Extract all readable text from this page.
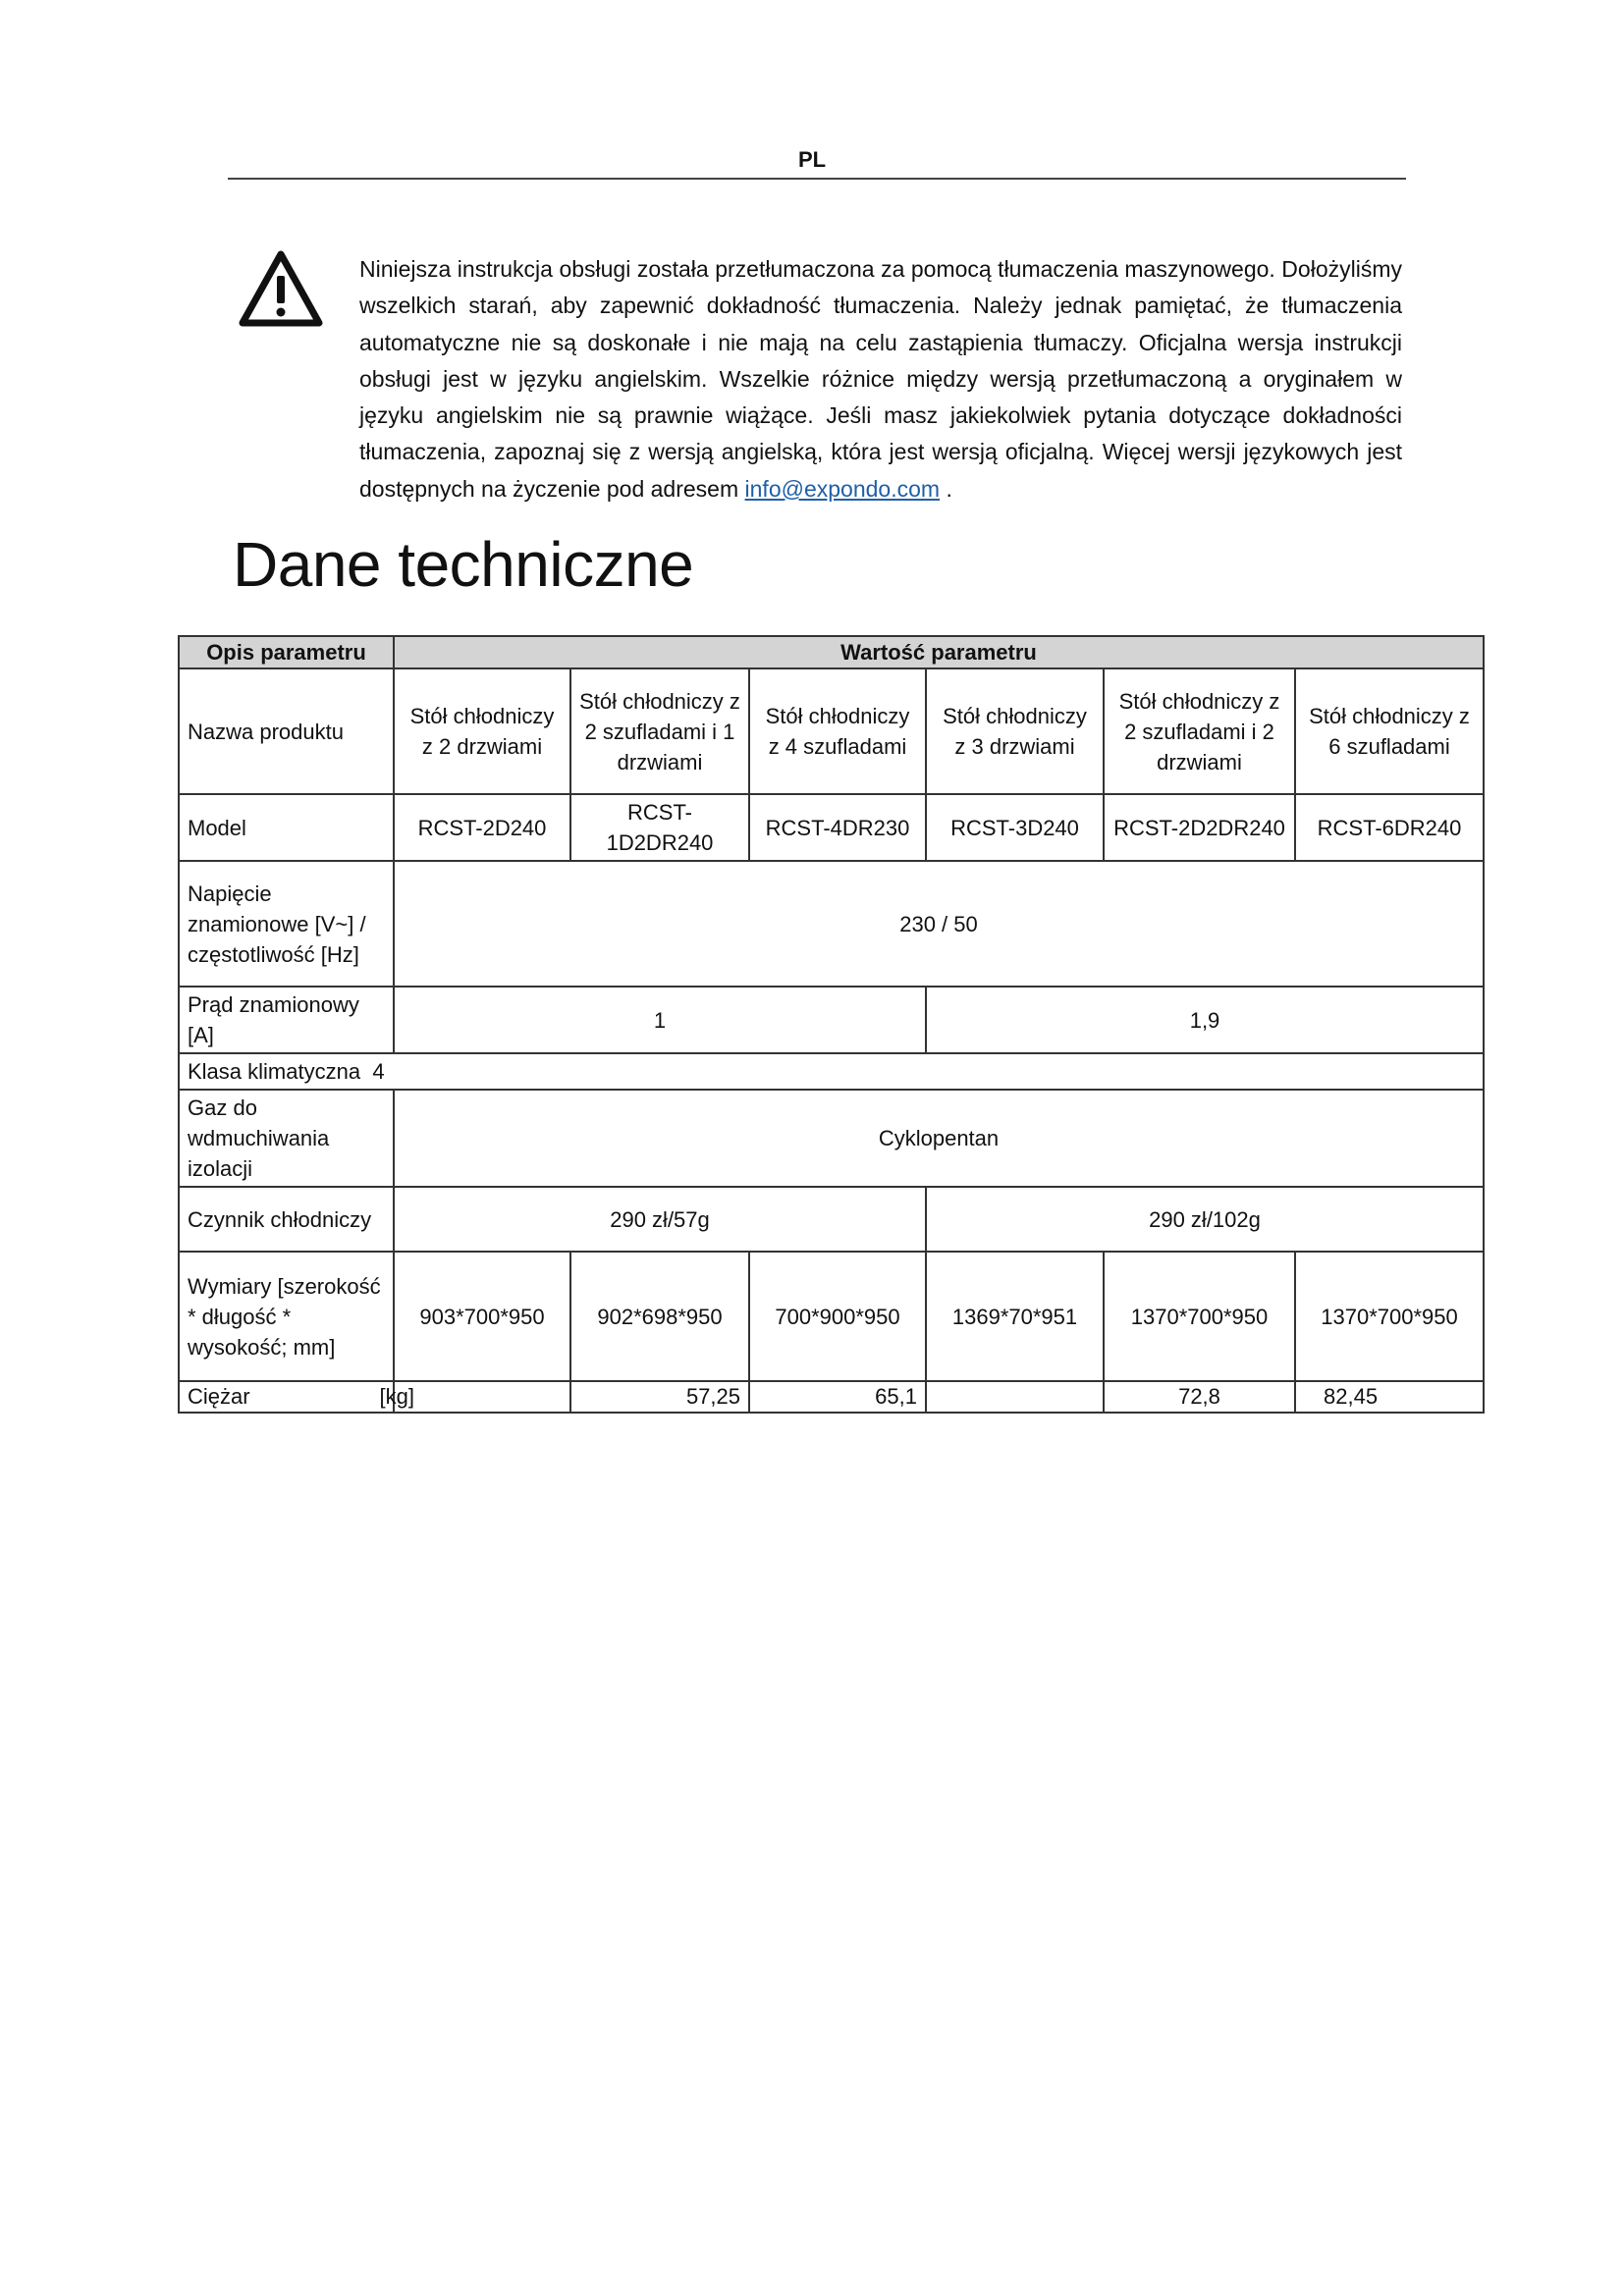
PL
Niniejsza instrukcja obsługi została przetłumaczona za pomocą tłumaczenia maszynowego. Dołożyliśmy wszelkich starań, aby zapewnić dokładność tłumaczenia. Należy jednak pamiętać, że tłumaczenia automatyczne nie są doskonałe i nie mają na celu zastąpienia tłumaczy. Oficjalna wersja instrukcji obsługi jest w języku angielskim. Wszelkie różnice między wersją przetłumaczoną a oryginałem w języku angielskim nie są prawnie wiążące. Jeśli masz jakiekolwiek pytania dotyczące dokładności tłumaczenia, zapoznaj się z wersją angielską, która jest wersją oficjalną. Więcej wersji językowych jest dostępnych na życzenie pod adresem info@expondo.com .
Dane techniczne
Opis parametru	Wartość parametru					
Nazwa produktu	Stół chłodniczy z 2 drzwiami	Stół chłodniczy z 2 szufladami i 1 drzwiami	Stół chłodniczy z 4 szufladami	Stół chłodniczy z 3 drzwiami	Stół chłodniczy z 2 szufladami i 2 drzwiami	Stół chłodniczy z 6 szufladami
Model	RCST-2D240	RCST-1D2DR240	RCST-4DR230	RCST-3D240	RCST-2D2DR240	RCST-6DR240
Napięcie znamionowe [V~] / częstotliwość [Hz]	230 / 50					
Prąd znamionowy [A]	1			1,9		
Klasa klimatyczna 4						
Gaz do wdmuchiwania izolacji	Cyklopentan					
Czynnik chłodniczy	290 zł/57g			290 zł/102g		
Wymiary [szerokość * długość * wysokość; mm]	903*700*950	902*698*950	700*900*950	1369*70*951	1370*700*950	1370*700*950
Ciężar [kg]		57,25	65,1		72,8	82,45
